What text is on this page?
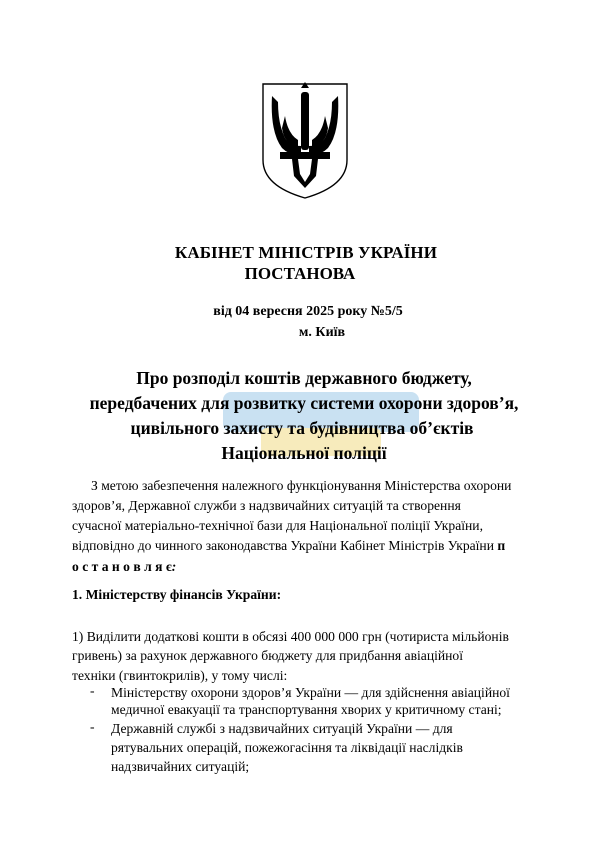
КАБІНЕТ МІНІСТРІВ УКРАЇНИ
ПОСТАНОВА
від 04 вересня 2025 року №5/5
м. Київ
Про розподіл коштів державного бюджету,
передбачених для розвитку системи охорони здоров’я,
цивільного захисту та будівництва об’єктів
Національної поліції
З метою забезпечення належного функціонування Міністерства охорони
здоров’я, Державної служби з надзвичайних ситуацій та створення
сучасної матеріально-технічної бази для Національної поліції України,
відповідно до чинного законодавства України Кабінет Міністрів України п
о с т а н о в л я є:
1. Міністерству фінансів України:
1) Виділити додаткові кошти в обсязі 400 000 000 грн (чотириста мільйонів
гривень) за рахунок державного бюджету для придбання авіаційної
техніки (гвинтокрилів), у тому числі:
- Міністерству охорони здоров’я України — для здійснення авіаційної
медичної евакуації та транспортування хворих у критичному стані;
- Державній службі з надзвичайних ситуацій України — для
рятувальних операцій, пожежогасіння та ліквідації наслідків
надзвичайних ситуацій;
